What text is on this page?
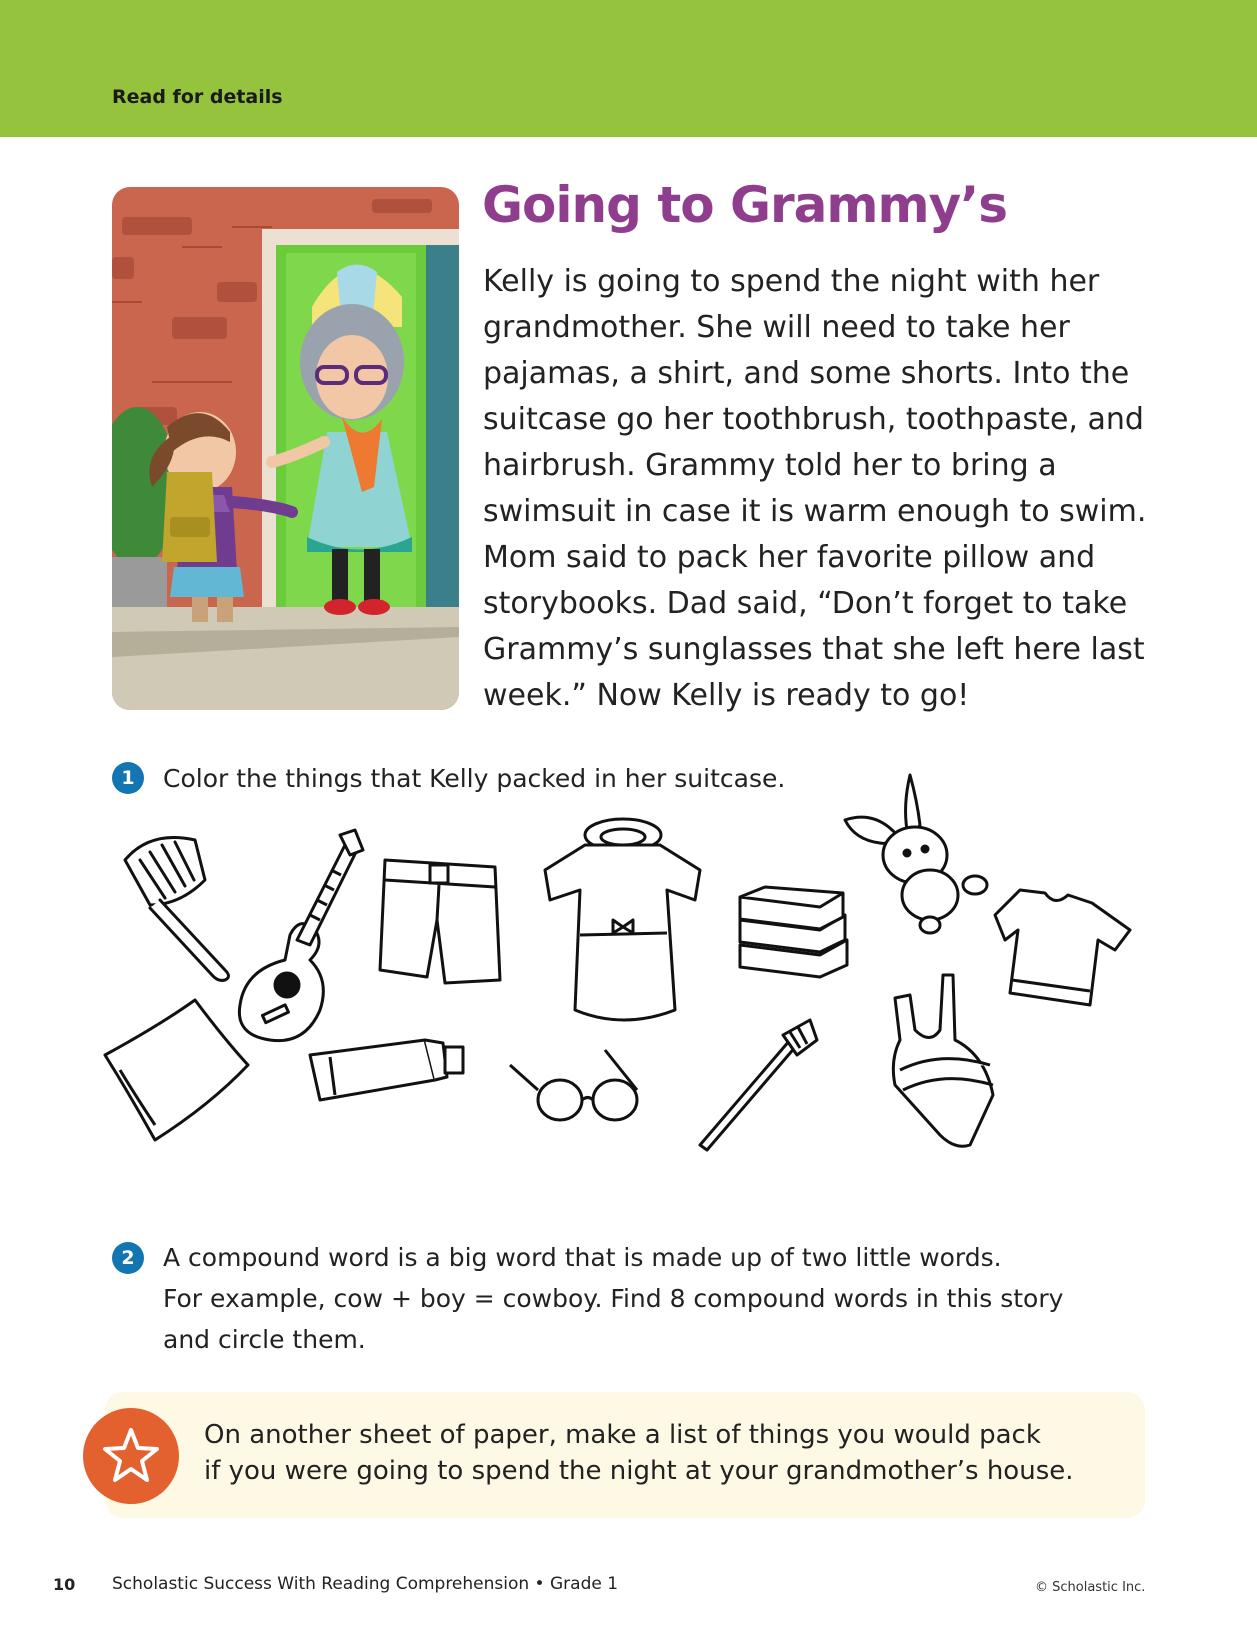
Read for details
Going to Grammy’s
Kelly is going to spend the night with her
grandmother. She will need to take her
pajamas, a shirt, and some shorts. Into the
suitcase go her toothbrush, toothpaste, and
hairbrush. Grammy told her to bring a
swimsuit in case it is warm enough to swim.
Mom said to pack her favorite pillow and
storybooks. Dad said, “Don’t forget to take
Grammy’s sunglasses that she left here last
week.” Now Kelly is ready to go!
1	Color the things that Kelly packed in her suitcase.
2	A compound word is a big word that is made up of two little words.
For example, cow + boy = cowboy. Find 8 compound words in this story
and circle them.
On another sheet of paper, make a list of things you would pack
if you were going to spend the night at your grandmother’s house.
10 Scholastic Success With Reading Comprehension • Grade 1	© Scholastic Inc.
